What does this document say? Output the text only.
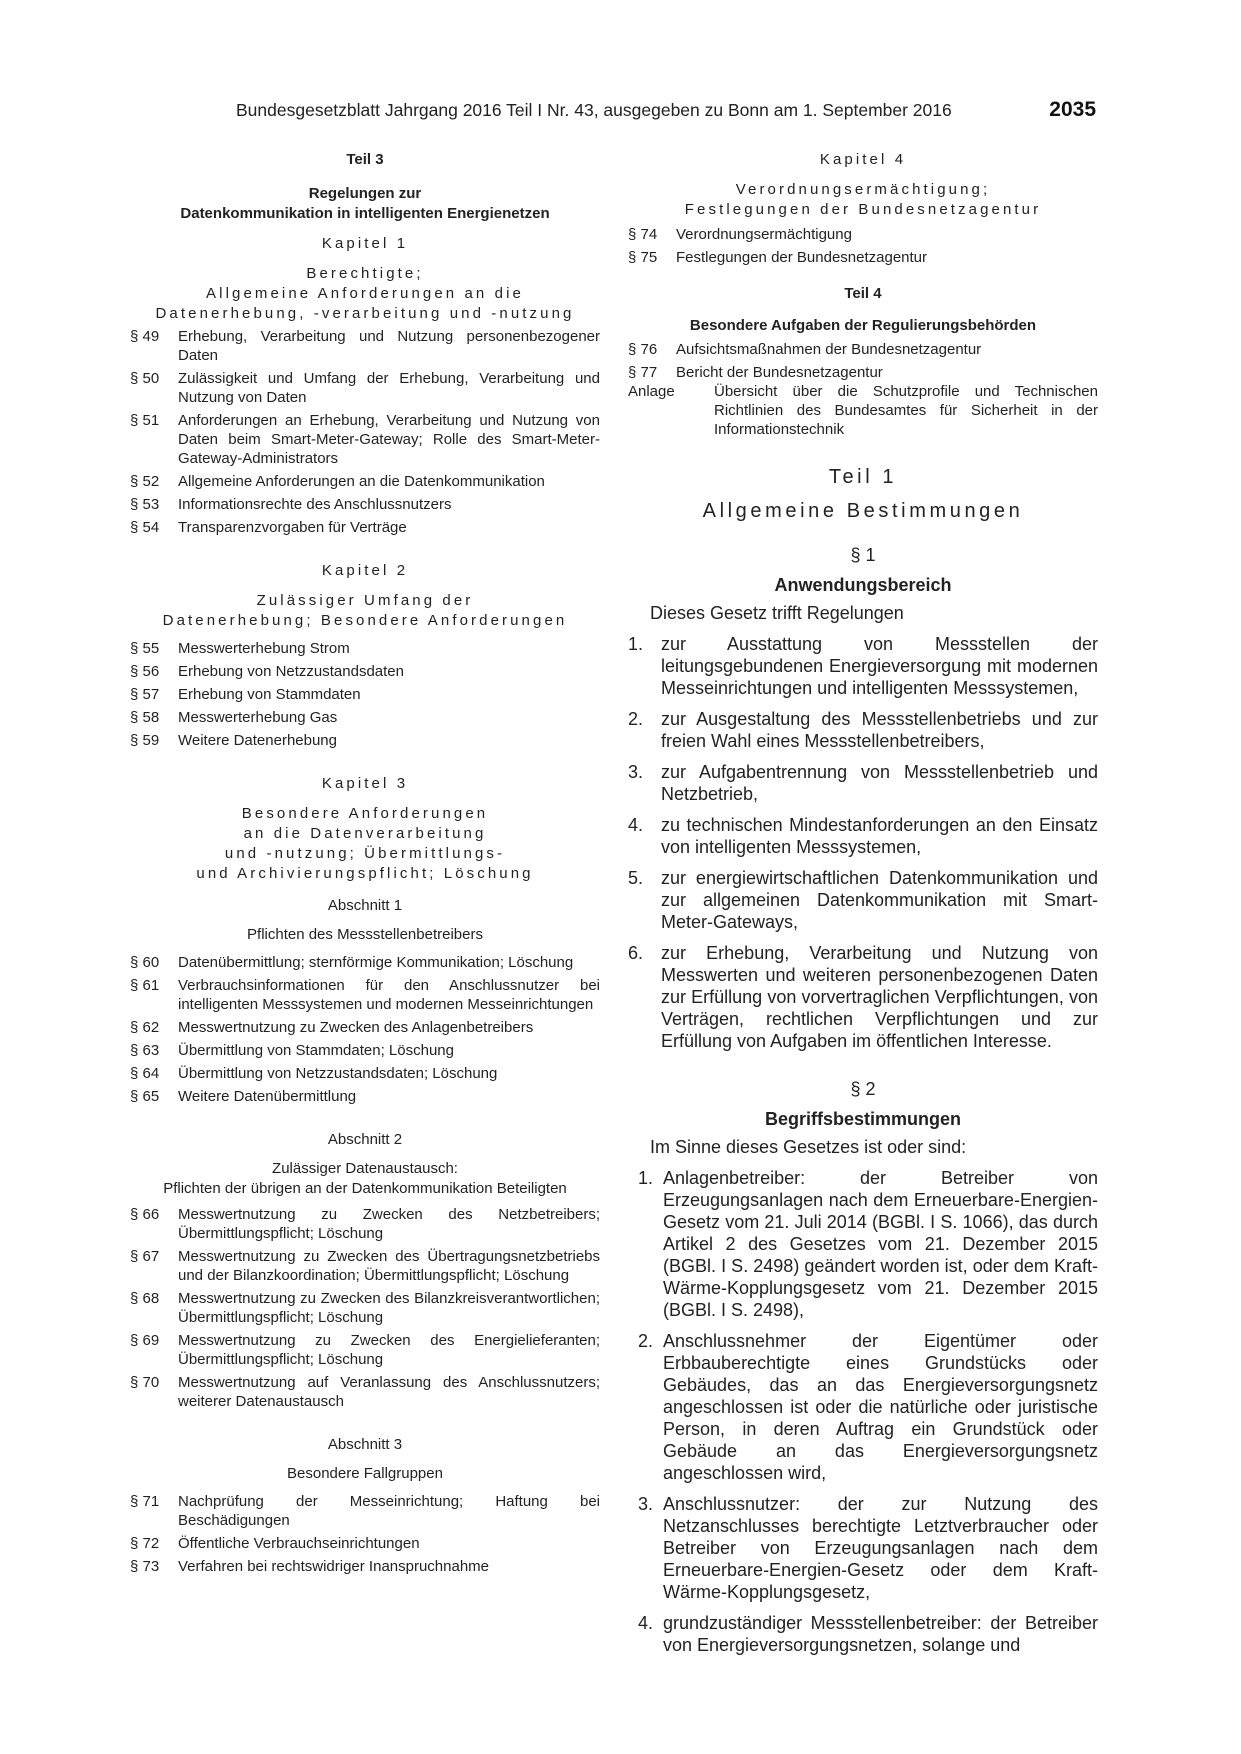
Bundesgesetzblatt Jahrgang 2016 Teil I Nr. 43, ausgegeben zu Bonn am 1. September 2016	2035
Teil 3
Regelungen zur
Datenkommunikation in intelligenten Energienetzen
Kapitel 1
Berechtigte;
Allgemeine Anforderungen an die
Datenerhebung, -verarbeitung und -nutzung
§ 49 Erhebung, Verarbeitung und Nutzung personenbezogener Daten
§ 50 Zulässigkeit und Umfang der Erhebung, Verarbeitung und Nutzung von Daten
§ 51 Anforderungen an Erhebung, Verarbeitung und Nutzung von Daten beim Smart-Meter-Gateway; Rolle des Smart-Meter-Gateway-Administrators
§ 52 Allgemeine Anforderungen an die Datenkommunikation
§ 53 Informationsrechte des Anschlussnutzers
§ 54 Transparenzvorgaben für Verträge
Kapitel 2
Zulässiger Umfang der
Datenerhebung; Besondere Anforderungen
§ 55 Messwerterhebung Strom
§ 56 Erhebung von Netzzustandsdaten
§ 57 Erhebung von Stammdaten
§ 58 Messwerterhebung Gas
§ 59 Weitere Datenerhebung
Kapitel 3
Besondere Anforderungen
an die Datenverarbeitung
und -nutzung; Übermittlungs-
und Archivierungspflicht; Löschung
Abschnitt 1
Pflichten des Messstellenbetreibers
§ 60 Datenübermittlung; sternförmige Kommunikation; Löschung
§ 61 Verbrauchsinformationen für den Anschlussnutzer bei intelligenten Messsystemen und modernen Messeinrichtungen
§ 62 Messwertnutzung zu Zwecken des Anlagenbetreibers
§ 63 Übermittlung von Stammdaten; Löschung
§ 64 Übermittlung von Netzzustandsdaten; Löschung
§ 65 Weitere Datenübermittlung
Abschnitt 2
Zulässiger Datenaustausch:
Pflichten der übrigen an der Datenkommunikation Beteiligten
§ 66 Messwertnutzung zu Zwecken des Netzbetreibers; Übermittlungspflicht; Löschung
§ 67 Messwertnutzung zu Zwecken des Übertragungsnetzbetriebs und der Bilanzkoordination; Übermittlungspflicht; Löschung
§ 68 Messwertnutzung zu Zwecken des Bilanzkreisverantwortlichen; Übermittlungspflicht; Löschung
§ 69 Messwertnutzung zu Zwecken des Energielieferanten; Übermittlungspflicht; Löschung
§ 70 Messwertnutzung auf Veranlassung des Anschlussnutzers; weiterer Datenaustausch
Abschnitt 3
Besondere Fallgruppen
§ 71 Nachprüfung der Messeinrichtung; Haftung bei Beschädigungen
§ 72 Öffentliche Verbrauchseinrichtungen
§ 73 Verfahren bei rechtswidriger Inanspruchnahme
Kapitel 4
Verordnungsermächtigung;
Festlegungen der Bundesnetzagentur
§ 74 Verordnungsermächtigung
§ 75 Festlegungen der Bundesnetzagentur
Teil 4
Besondere Aufgaben der Regulierungsbehörden
§ 76 Aufsichtsmaßnahmen der Bundesnetzagentur
§ 77 Bericht der Bundesnetzagentur
Anlage	Übersicht über die Schutzprofile und Technischen Richtlinien des Bundesamtes für Sicherheit in der Informationstechnik
Teil 1
Allgemeine Bestimmungen
§ 1
Anwendungsbereich
Dieses Gesetz trifft Regelungen
1. zur Ausstattung von Messstellen der leitungsgebundenen Energieversorgung mit modernen Messeinrichtungen und intelligenten Messsystemen,
2. zur Ausgestaltung des Messstellenbetriebs und zur freien Wahl eines Messstellenbetreibers,
3. zur Aufgabentrennung von Messstellenbetrieb und Netzbetrieb,
4. zu technischen Mindestanforderungen an den Einsatz von intelligenten Messsystemen,
5. zur energiewirtschaftlichen Datenkommunikation und zur allgemeinen Datenkommunikation mit Smart-Meter-Gateways,
6. zur Erhebung, Verarbeitung und Nutzung von Messwerten und weiteren personenbezogenen Daten zur Erfüllung von vorvertraglichen Verpflichtungen, von Verträgen, rechtlichen Verpflichtungen und zur Erfüllung von Aufgaben im öffentlichen Interesse.
§ 2
Begriffsbestimmungen
Im Sinne dieses Gesetzes ist oder sind:
1. Anlagenbetreiber: der Betreiber von Erzeugungsanlagen nach dem Erneuerbare-Energien-Gesetz vom 21. Juli 2014 (BGBl. I S. 1066), das durch Artikel 2 des Gesetzes vom 21. Dezember 2015 (BGBl. I S. 2498) geändert worden ist, oder dem Kraft-Wärme-Kopplungsgesetz vom 21. Dezember 2015 (BGBl. I S. 2498),
2. Anschlussnehmer der Eigentümer oder Erbbauberechtigte eines Grundstücks oder Gebäudes, das an das Energieversorgungsnetz angeschlossen ist oder die natürliche oder juristische Person, in deren Auftrag ein Grundstück oder Gebäude an das Energieversorgungsnetz angeschlossen wird,
3. Anschlussnutzer: der zur Nutzung des Netzanschlusses berechtigte Letztverbraucher oder Betreiber von Erzeugungsanlagen nach dem Erneuerbare-Energien-Gesetz oder dem Kraft-Wärme-Kopplungsgesetz,
4. grundzuständiger Messstellenbetreiber: der Betreiber von Energieversorgungsnetzen, solange und
